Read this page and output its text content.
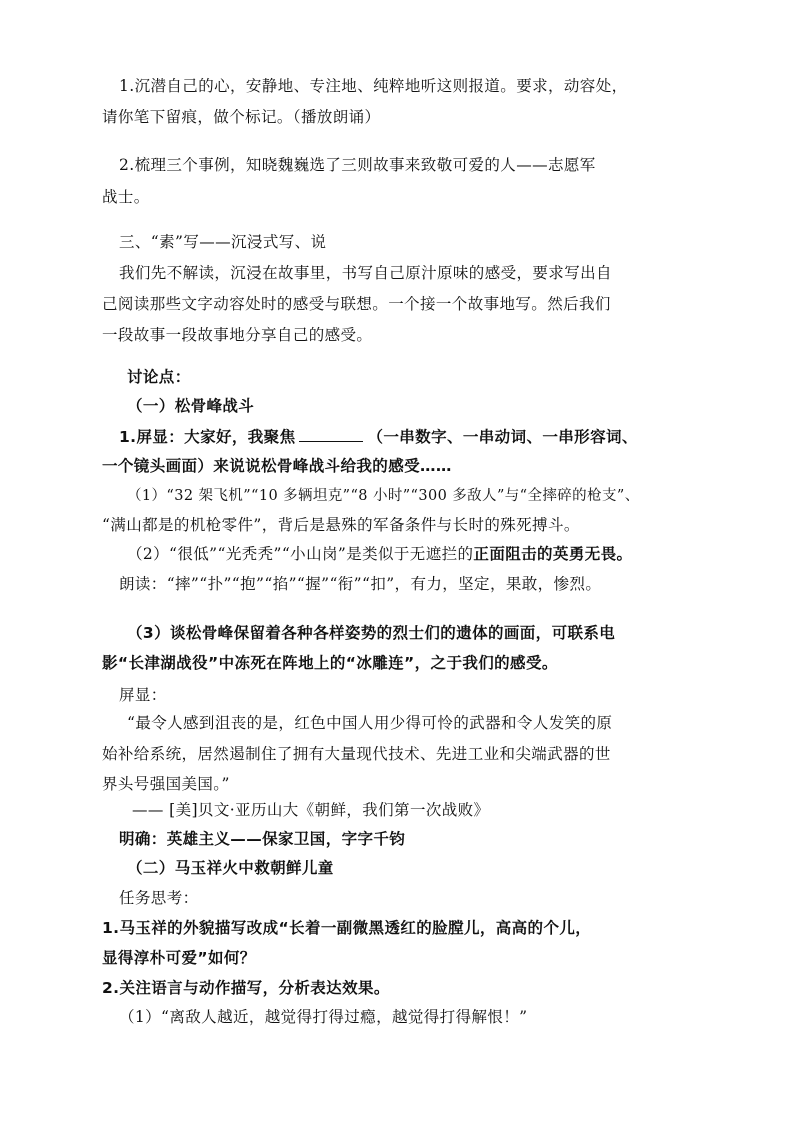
1.沉潜自己的心，安静地、专注地、纯粹地听这则报道。要求，动容处，
请你笔下留痕，做个标记。（播放朗诵）
2.梳理三个事例，知晓魏巍选了三则故事来致敬可爱的人——志愿军
战士。
三、“素”写——沉浸式写、说
我们先不解读，沉浸在故事里，书写自己原汁原味的感受，要求写出自
己阅读那些文字动容处时的感受与联想。一个接一个故事地写。然后我们
一段故事一段故事地分享自己的感受。
讨论点：
（一）松骨峰战斗
1.屏显：大家好，我聚焦	（一串数字、一串动词、一串形容词、
一个镜头画面）来说说松骨峰战斗给我的感受……
（1）“32 架飞机”“10 多辆坦克”“8 小时”“300 多敌人”与“全摔碎的枪支”、
“满山都是的机枪零件”，背后是悬殊的军备条件与长时的殊死搏斗。
（2）“很低”“光秃秃”“小山岗”是类似于无遮拦的正面阻击的英勇无畏。
朗读：“摔”“扑”“抱”“掐”“握”“衔”“扣”，有力，坚定，果敢，惨烈。
（3）谈松骨峰保留着各种各样姿势的烈士们的遗体的画面，可联系电
影“长津湖战役”中冻死在阵地上的“冰雕连”，之于我们的感受。
屏显：
“最令人感到沮丧的是，红色中国人用少得可怜的武器和令人发笑的原
始补给系统，居然遏制住了拥有大量现代技术、先进工业和尖端武器的世
界头号强国美国。”
—— [美]贝文·亚历山大《朝鲜，我们第一次战败》
明确：英雄主义——保家卫国，字字千钧
（二）马玉祥火中救朝鲜儿童
任务思考：
1.马玉祥的外貌描写改成“长着一副微黑透红的脸膛儿，高高的个儿，
显得淳朴可爱”如何？
2.关注语言与动作描写，分析表达效果。
（1）“离敌人越近，越觉得打得过瘾，越觉得打得解恨！”
